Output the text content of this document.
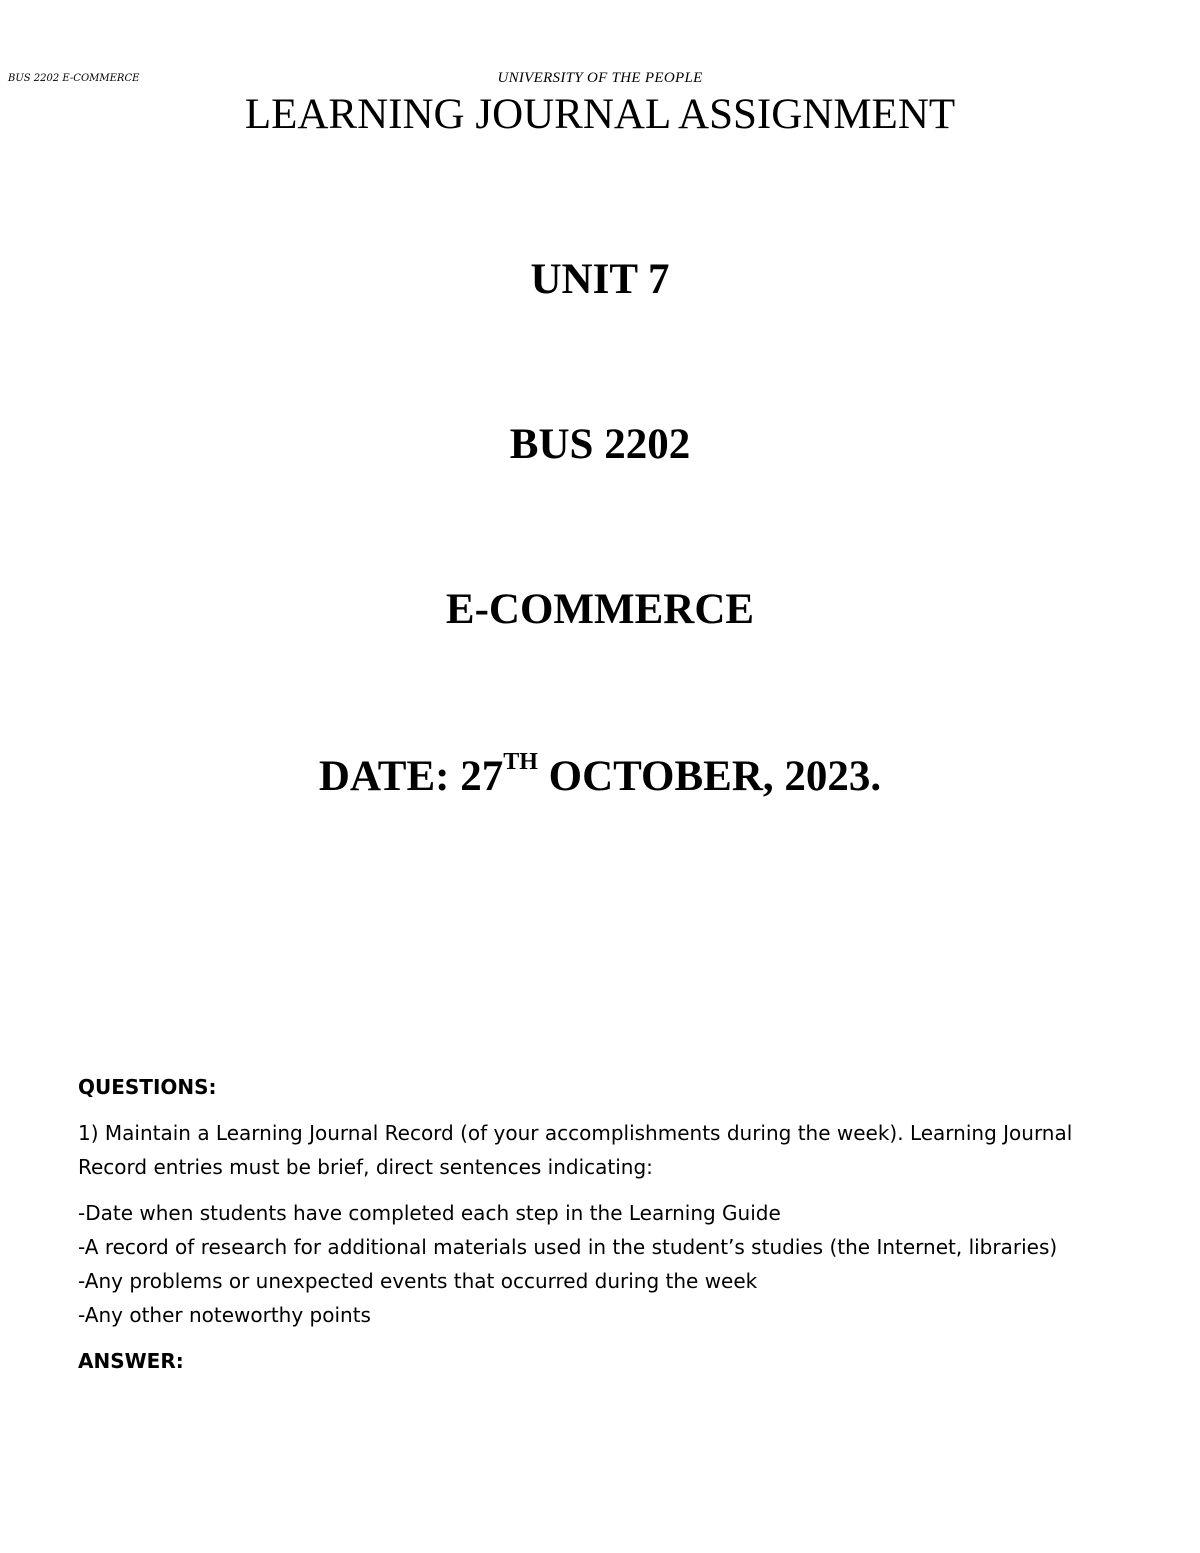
BUS 2202 E-COMMERCE	UNIVERSITY OF THE PEOPLE
LEARNING JOURNAL ASSIGNMENT
UNIT 7
BUS 2202
E-COMMERCE
DATE: 27TH OCTOBER, 2023.

QUESTIONS:

1) Maintain a Learning Journal Record (of your accomplishments during the week). Learning Journal Record entries must be brief, direct sentences indicating:

-Date when students have completed each step in the Learning Guide
-A record of research for additional materials used in the student’s studies (the Internet, libraries)
-Any problems or unexpected events that occurred during the week
-Any other noteworthy points

ANSWER:
